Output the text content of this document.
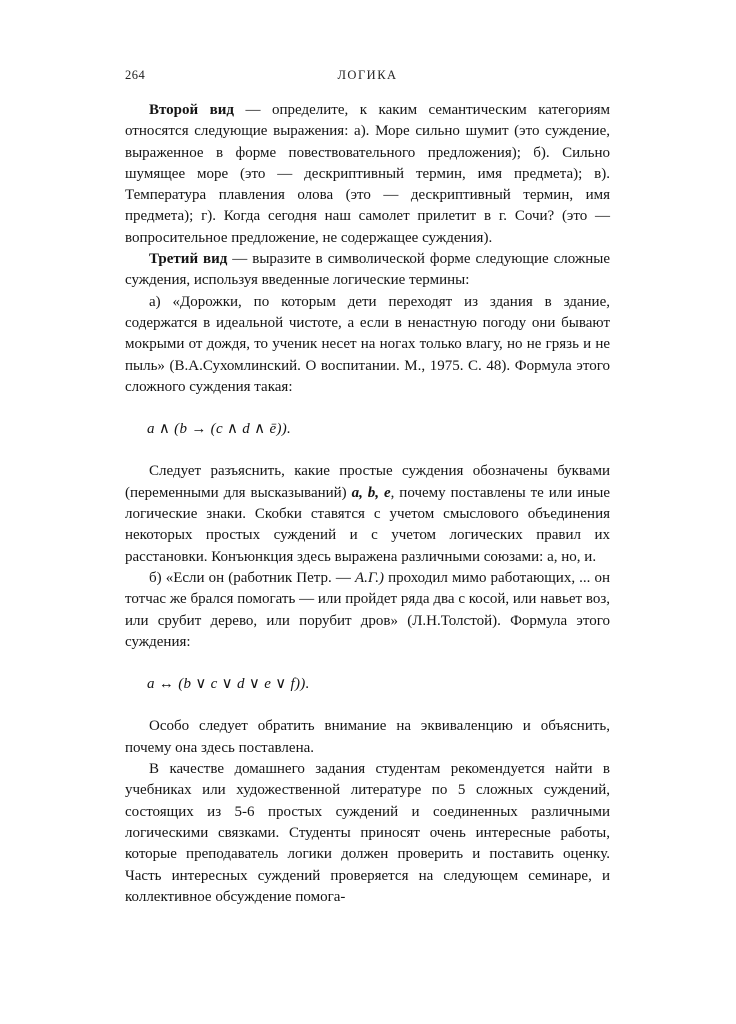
264	ЛОГИКА

Второй вид — определите, к каким семантическим категориям относятся следующие выражения: а). Море сильно шумит (это суждение, выраженное в форме повествовательного предложения); б). Сильно шумящее море (это — дескриптивный термин, имя предмета); в). Температура плавления олова (это — дескриптивный термин, имя предмета); г). Когда сегодня наш самолет прилетит в г. Сочи? (это — вопросительное предложение, не содержащее суждения).

Третий вид — выразите в символической форме следующие сложные суждения, используя введенные логические термины:

а) «Дорожки, по которым дети переходят из здания в здание, содержатся в идеальной чистоте, а если в ненастную погоду они бывают мокрыми от дождя, то ученик несет на ногах только влагу, но не грязь и не пыль» (В.А.Сухомлинский. О воспитании. М., 1975. С. 48). Формула этого сложного суждения такая:

a ∧ (b → (c ∧ d ∧ ē)).

Следует разъяснить, какие простые суждения обозначены буквами (переменными для высказываний) a, b, e, почему поставлены те или иные логические знаки. Скобки ставятся с учетом смыслового объединения некоторых простых суждений и с учетом логических правил их расстановки. Конъюнкция здесь выражена различными союзами: а, но, и.

б) «Если он (работник Петр. — А.Г.) проходил мимо работающих, ... он тотчас же брался помогать — или пройдет ряда два с косой, или навьет воз, или срубит дерево, или порубит дров» (Л.Н.Толстой). Формула этого суждения:

a ↔ (b ∨ c ∨ d ∨ e ∨ f)).

Особо следует обратить внимание на эквиваленцию и объяснить, почему она здесь поставлена.

В качестве домашнего задания студентам рекомендуется найти в учебниках или художественной литературе по 5 сложных суждений, состоящих из 5-6 простых суждений и соединенных различными логическими связками. Студенты приносят очень интересные работы, которые преподаватель логики должен проверить и поставить оценку. Часть интересных суждений проверяется на следующем семинаре, и коллективное обсуждение помога-
